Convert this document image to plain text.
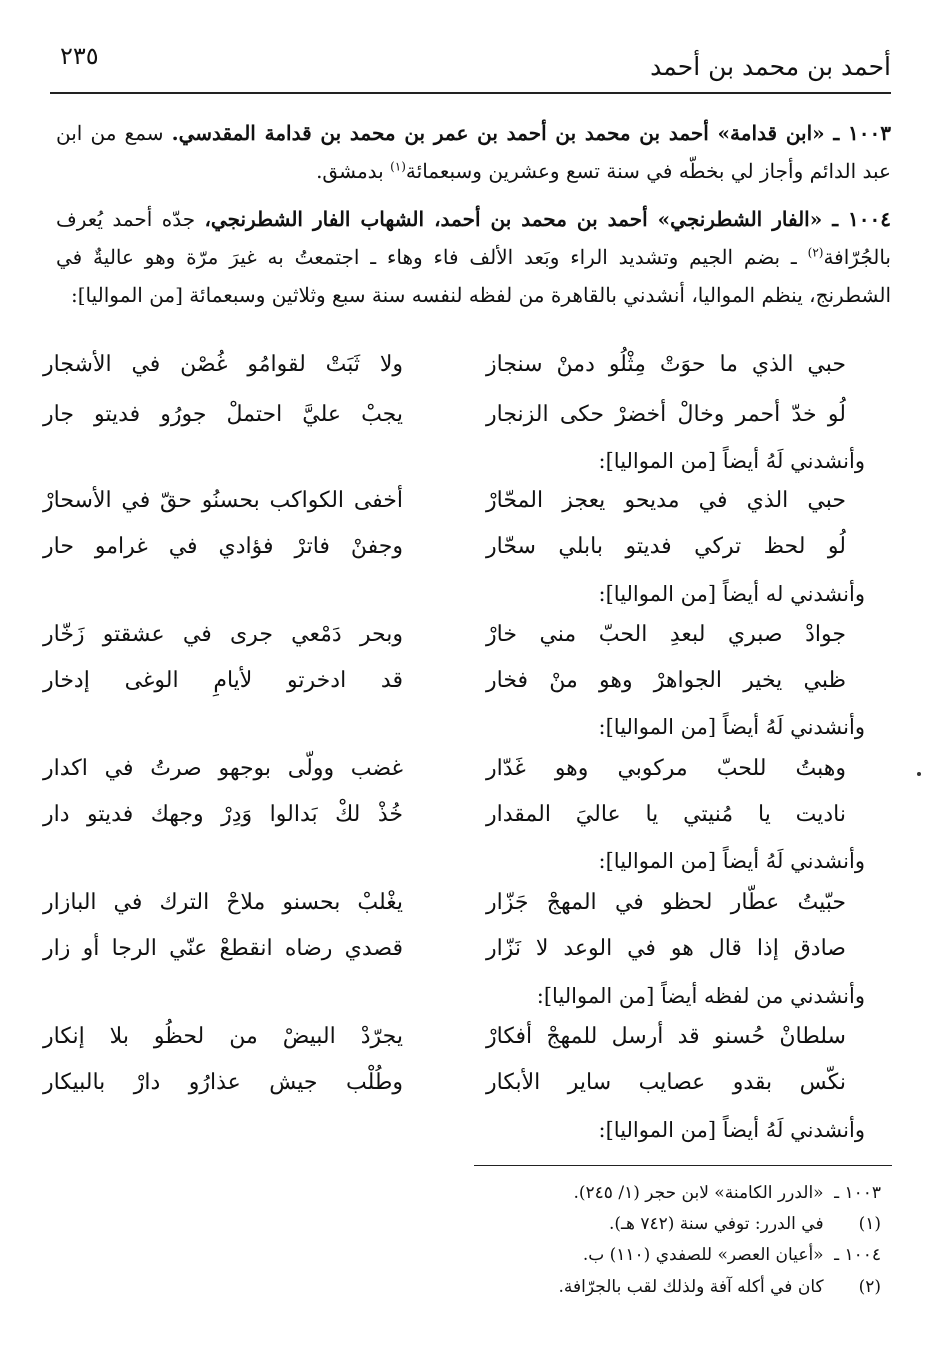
أحمد بن محمد بن أحمد
٢٣٥
١٠٠٣ ـ «ابن قدامة» أحمد بن محمد بن أحمد بن عمر بن محمد بن قدامة المقدسي. سمع من ابن عبد الدائم وأجاز لي بخطّه في سنة تسع وعشرين وسبعمائة$^{(١)}$ بدمشق.
١٠٠٤ ـ «الفار الشطرنجي» أحمد بن محمد بن أحمد، الشهاب الفار الشطرنجي، جدّه أحمد يُعرف بالجُرّافة$^{(٢)}$ ـ بضم الجيم وتشديد الراء وبَعد الألف فاء وهاء ـ اجتمعتُ به غيرَ مرّة وهو عاليةٌ في الشطرنج، ينظم المواليا، أنشدني بالقاهرة من لفظه لنفسه سنة سبع وثلاثين وسبعمائة [من المواليا]:
حبي الذي ما حوَتْ مِثْلُو دمنْ سنجاز
ولا ثَبَتْ لقوامُو غُصْن في الأشجار
لُو خدّ أحمر وخالْ أخضرْ حكى الزنجار
يجبْ عليَّ احتملْ جورُو فديتو جار
وأنشدني لَهُ أيضاً [من المواليا]:
حبي الذي في مديحو يعجز المحّارْ
أخفى الكواكب بحسنُو حقّ في الأسحارْ
لُو لحظ تركي فديتو بابلي سحّار
وجفنْ فاترْ فؤادي في غرامو حار
وأنشدني له أيضاً [من المواليا]:
جوادْ صبري لبعدِ الحبّ مني خارْ
وبحر دَمْعي جرى في عشقتو زَخّار
ظبي يخير الجواهرْ وهو منْ فخار
قد ادخرتو لأيامِ الوغى إدخار
وأنشدني لَهُ أيضاً [من المواليا]:
وهبتُ للحبّ مركوبي وهو غَدّار
غضب وولّى بوجهو صرتُ في اكدار
ناديت يا مُنيتي يا عاليَ المقدار
خُذْ لكْ بَدالوا وَدِرْ وجهك فديتو دار
وأنشدني لَهُ أيضاً [من المواليا]:
حبّيتُ عطّار لحظو في المهجْ جَزّار
يغْلبْ بحسنو ملاحْ الترك في البازار
صادق إذا قال هو في الوعد لا نَزّار
قصدي رضاه انقطعْ عنّي الرجا أو زار
وأنشدني من لفظه أيضاً [من المواليا]:
سلطانْ حُسنو قد أرسل للمهجْ أفكارْ
يجرّدْ البيضْ من لحظُو بلا إنكار
نكّس بقدو عصايب ساير الأبكار
وطُلْب جيش عذارُو دارْ بالبيكار
وأنشدني لَهُ أيضاً [من المواليا]:
١٠٠٣ ـ «الدرر الكامنة» لابن حجر (١/ ٢٤٥).
(١) في الدرر: توفي سنة (٧٤٢ هـ).
١٠٠٤ ـ «أعيان العصر» للصفدي (١١٠) ب.
(٢) كان في أكله آفة ولذلك لقب بالجرّافة.
